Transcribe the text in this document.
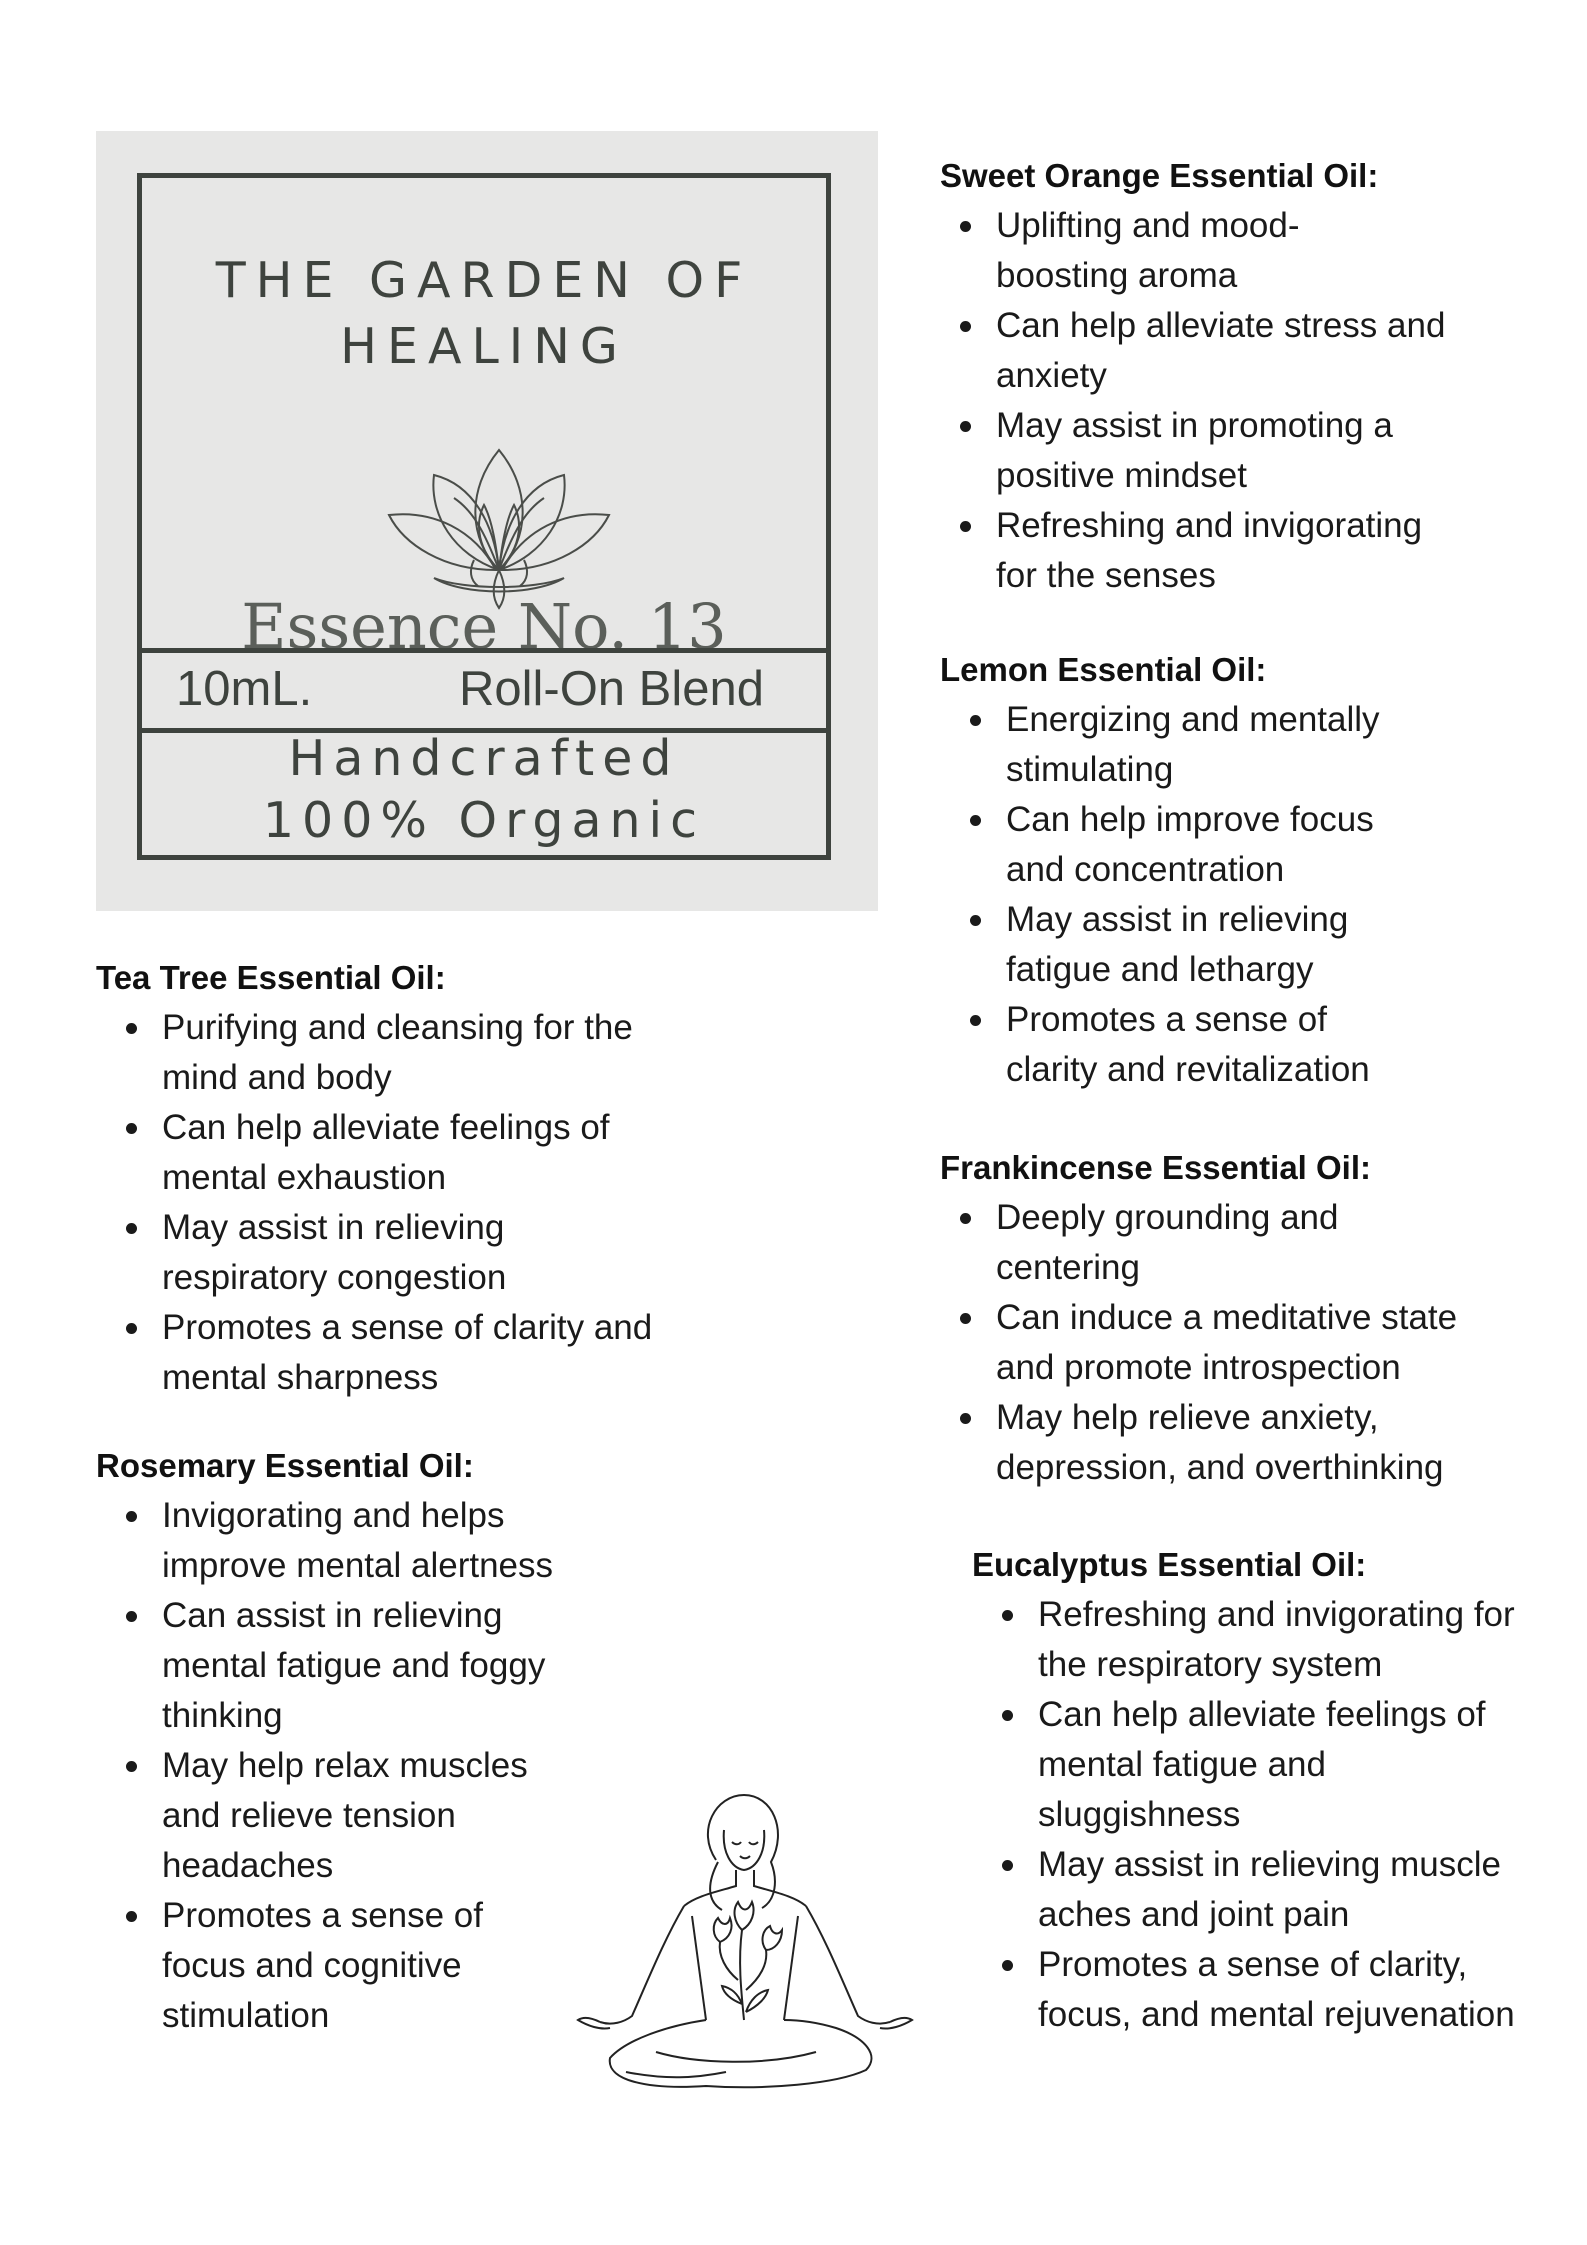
THE GARDEN OF
HEALING
Essence No. 13
10mL.	Roll-On Blend
Handcrafted
100% Organic
Tea Tree Essential Oil:
Purifying and cleansing for the
mind and body
Can help alleviate feelings of
mental exhaustion
May assist in relieving
respiratory congestion
Promotes a sense of clarity and
mental sharpness
Rosemary Essential Oil:
Invigorating and helps
improve mental alertness
Can assist in relieving
mental fatigue and foggy
thinking
May help relax muscles
and relieve tension
headaches
Promotes a sense of
focus and cognitive
stimulation
Sweet Orange Essential Oil:
Uplifting and mood-
boosting aroma
Can help alleviate stress and
anxiety
May assist in promoting a
positive mindset
Refreshing and invigorating
for the senses
Lemon Essential Oil:
Energizing and mentally
stimulating
Can help improve focus
and concentration
May assist in relieving
fatigue and lethargy
Promotes a sense of
clarity and revitalization
Frankincense Essential Oil:
Deeply grounding and
centering
Can induce a meditative state
and promote introspection
May help relieve anxiety,
depression, and overthinking
Eucalyptus Essential Oil:
Refreshing and invigorating for
the respiratory system
Can help alleviate feelings of
mental fatigue and
sluggishness
May assist in relieving muscle
aches and joint pain
Promotes a sense of clarity,
focus, and mental rejuvenation
